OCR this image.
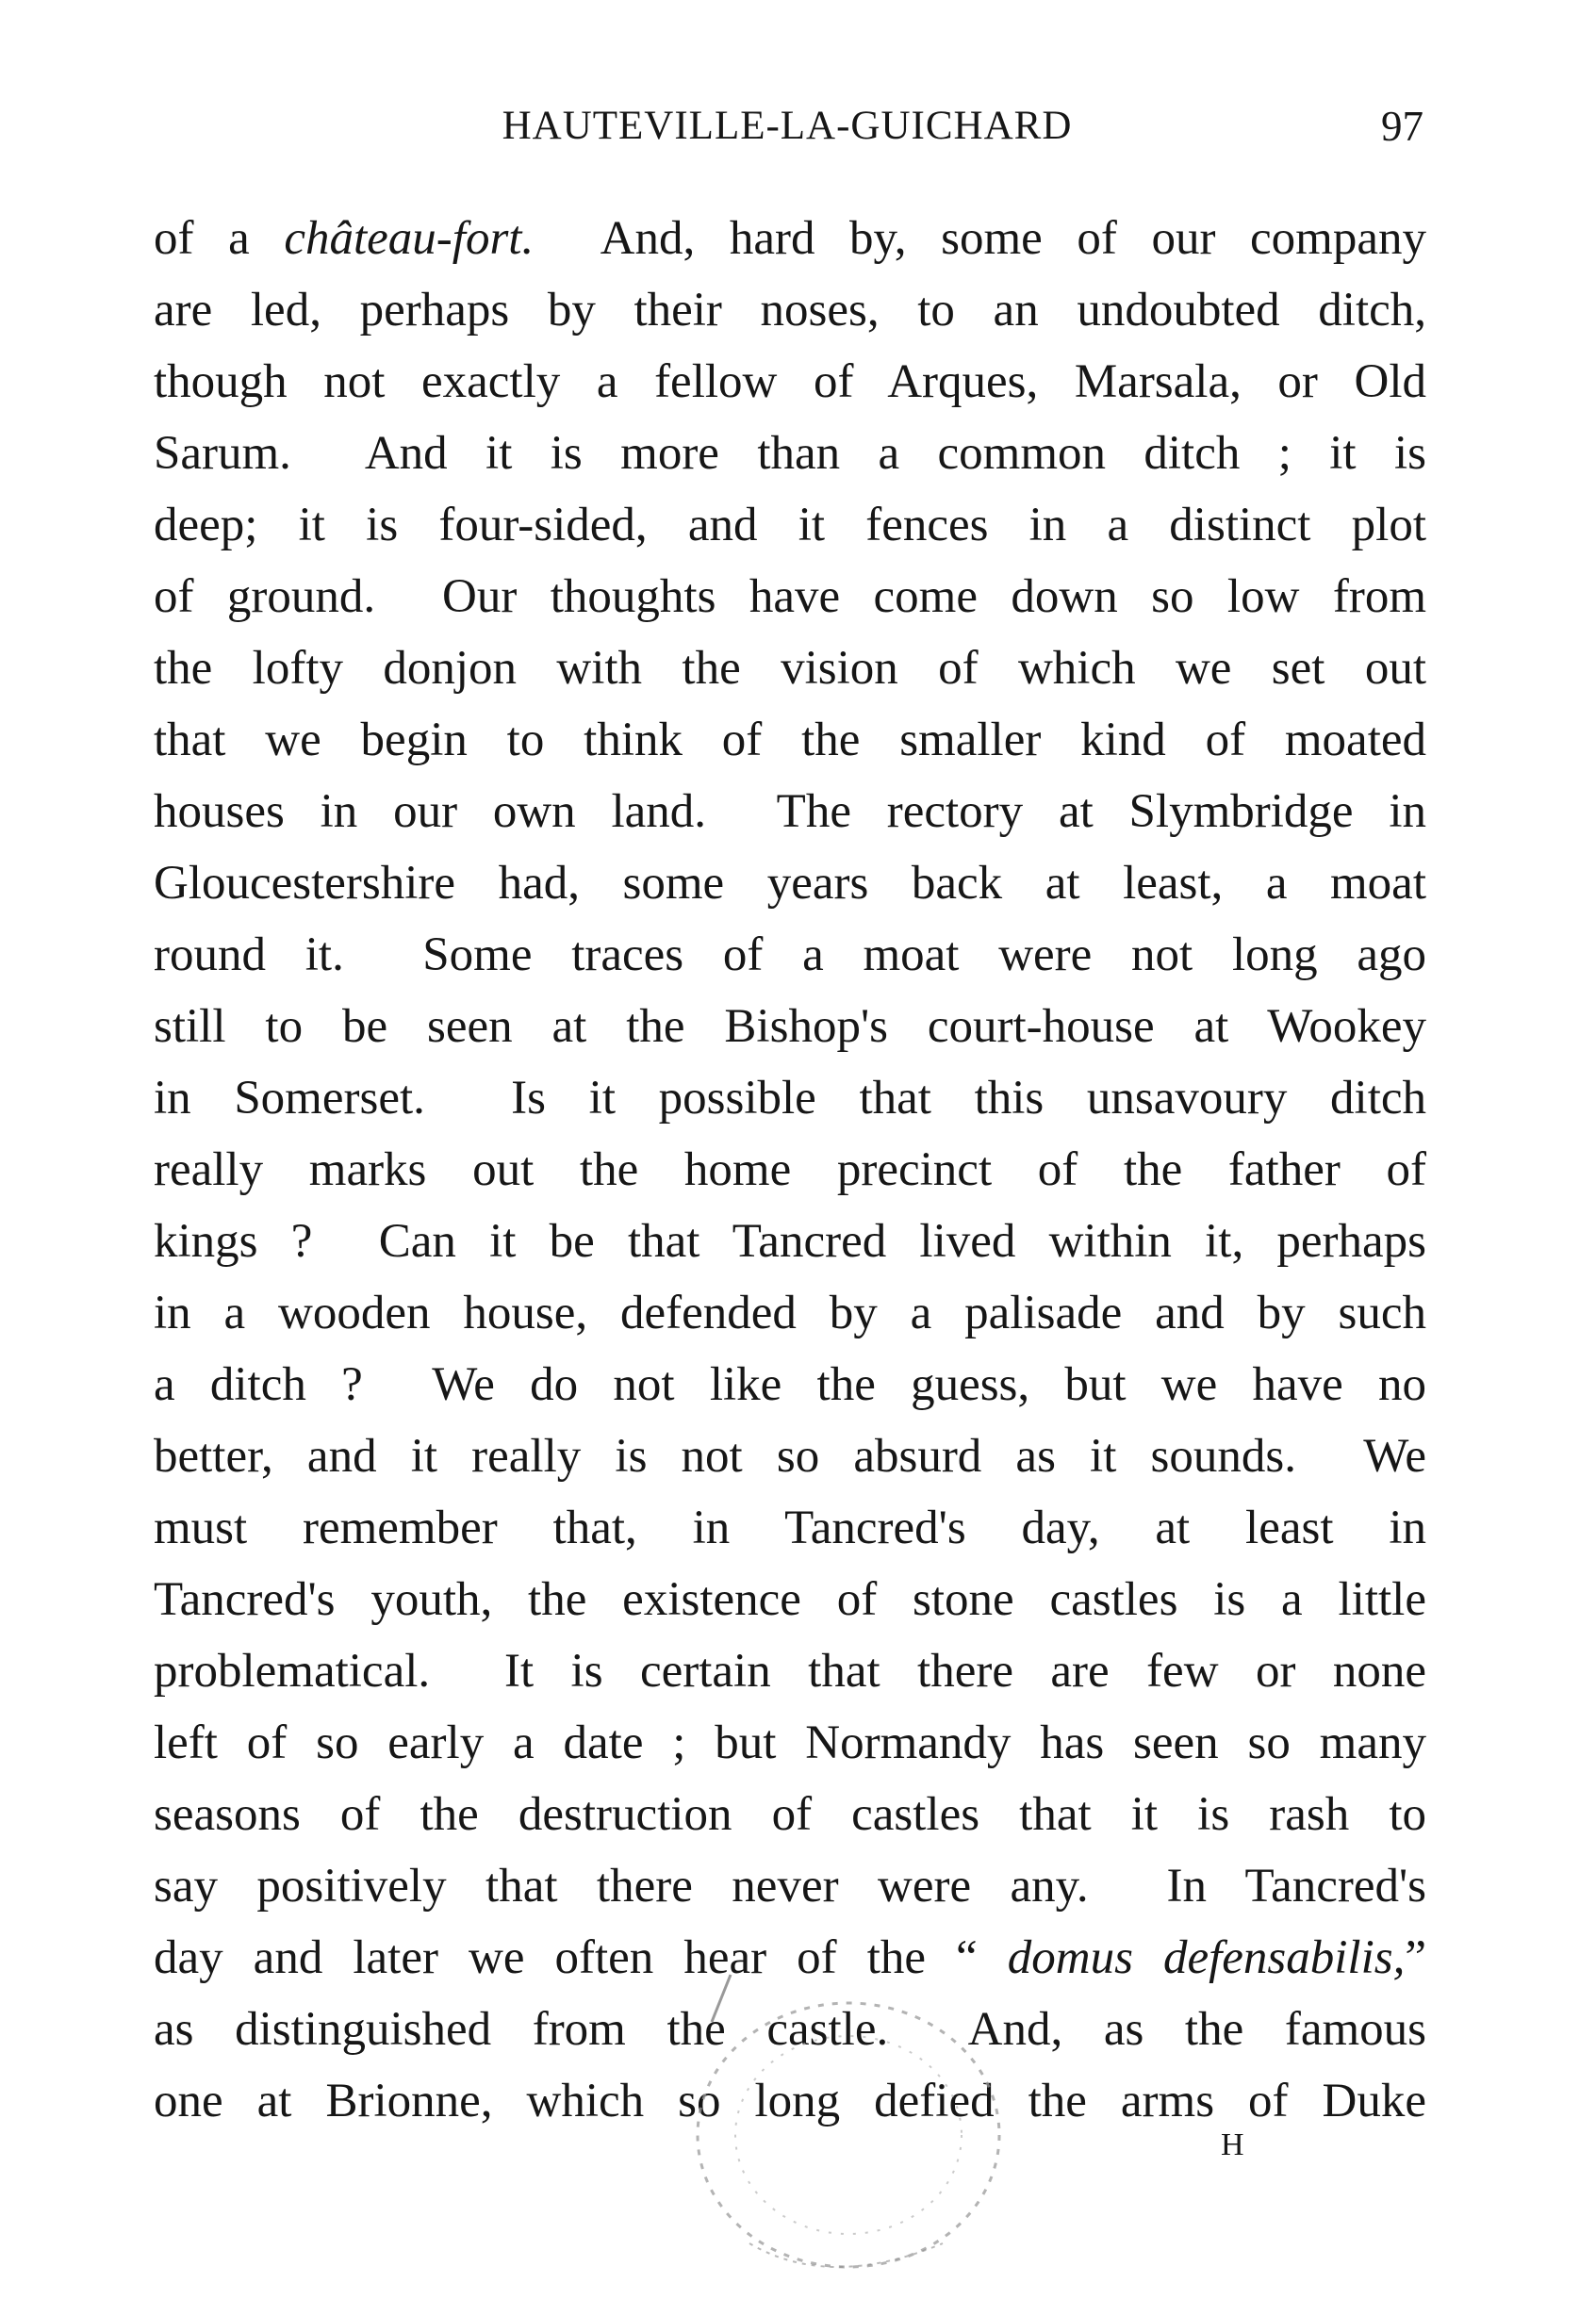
HAUTEVILLE-LA-GUICHARD	97
of a château-fort.  And, hard by, some of our company
are led, perhaps by their noses, to an undoubted ditch,
though not exactly a fellow of Arques, Marsala, or Old
Sarum.  And it is more than a common ditch ; it is
deep; it is four-sided, and it fences in a distinct plot
of ground.  Our thoughts have come down so low from
the lofty donjon with the vision of which we set out
that we begin to think of the smaller kind of moated
houses in our own land.  The rectory at Slymbridge in
Gloucestershire had, some years back at least, a moat
round it.  Some traces of a moat were not long ago
still to be seen at the Bishop's court-house at Wookey
in Somerset.  Is it possible that this unsavoury ditch
really marks out the home precinct of the father of
kings ?  Can it be that Tancred lived within it, perhaps
in a wooden house, defended by a palisade and by such
a ditch ?  We do not like the guess, but we have no
better, and it really is not so absurd as it sounds.  We
must remember that, in Tancred's day, at least in
Tancred's youth, the existence of stone castles is a little
problematical.  It is certain that there are few or none
left of so early a date ; but Normandy has seen so many
seasons of the destruction of castles that it is rash to
say positively that there never were any.  In Tancred's
day and later we often hear of the “ domus defensabilis,”
as distinguished from the castle.  And, as the famous
one at Brionne, which so long defied the arms of Duke
H
